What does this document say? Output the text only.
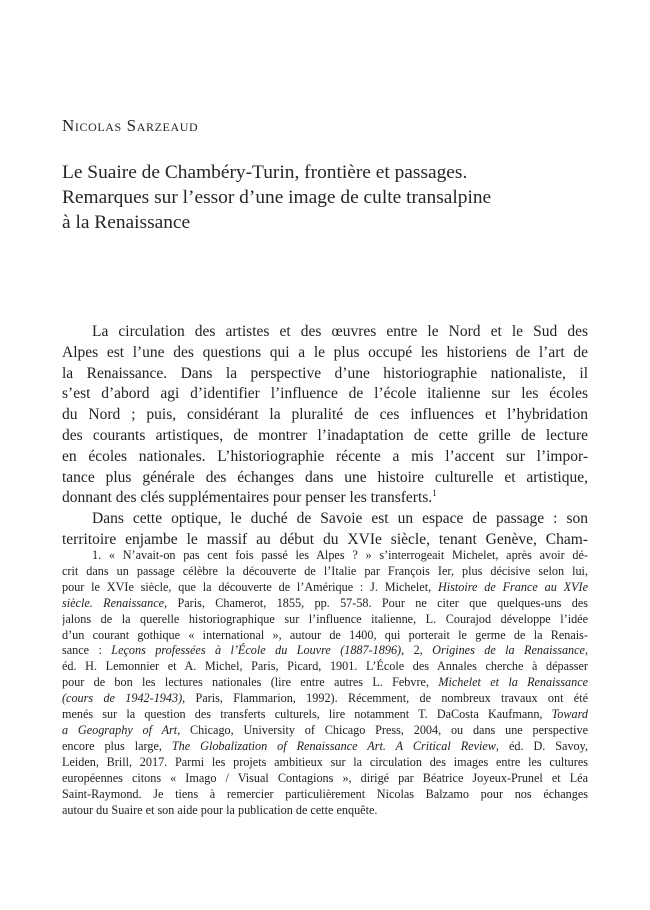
Nicolas Sarzeaud
Le Suaire de Chambéry-Turin, frontière et passages.
Remarques sur l’essor d’une image de culte transalpine
à la Renaissance
La circulation des artistes et des œuvres entre le Nord et le Sud des
Alpes est l’une des questions qui a le plus occupé les historiens de l’art de
la Renaissance. Dans la perspective d’une historiographie nationaliste, il
s’est d’abord agi d’identifier l’influence de l’école italienne sur les écoles
du Nord ; puis, considérant la pluralité de ces influences et l’hybridation
des courants artistiques, de montrer l’inadaptation de cette grille de lecture
en écoles nationales. L’historiographie récente a mis l’accent sur l’impor-
tance plus générale des échanges dans une histoire culturelle et artistique,
donnant des clés supplémentaires pour penser les transferts.$^1$
Dans cette optique, le duché de Savoie est un espace de passage : son
territoire enjambe le massif au début du XVIe siècle, tenant Genève, Cham-
1. « N’avait-on pas cent fois passé les Alpes ? » s’interrogeait Michelet, après avoir dé-
crit dans un passage célèbre la découverte de l’Italie par François Ier, plus décisive selon lui,
pour le XVIe siècle, que la découverte de l’Amérique : J. Michelet, Histoire de France au XVIe
siècle. Renaissance, Paris, Chamerot, 1855, pp. 57-58. Pour ne citer que quelques-uns des
jalons de la querelle historiographique sur l’influence italienne, L. Courajod développe l’idée
d’un courant gothique « international », autour de 1400, qui porterait le germe de la Renais-
sance : Leçons professées à l’École du Louvre (1887-1896), 2, Origines de la Renaissance,
éd. H. Lemonnier et A. Michel, Paris, Picard, 1901. L’École des Annales cherche à dépasser
pour de bon les lectures nationales (lire entre autres L. Febvre, Michelet et la Renaissance
(cours de 1942-1943), Paris, Flammarion, 1992). Récemment, de nombreux travaux ont été
menés sur la question des transferts culturels, lire notamment T. DaCosta Kaufmann, Toward
a Geography of Art, Chicago, University of Chicago Press, 2004, ou dans une perspective
encore plus large, The Globalization of Renaissance Art. A Critical Review, éd. D. Savoy,
Leiden, Brill, 2017. Parmi les projets ambitieux sur la circulation des images entre les cultures
européennes citons « Imago / Visual Contagions », dirigé par Béatrice Joyeux-Prunel et Léa
Saint-Raymond. Je tiens à remercier particulièrement Nicolas Balzamo pour nos échanges
autour du Suaire et son aide pour la publication de cette enquête.
